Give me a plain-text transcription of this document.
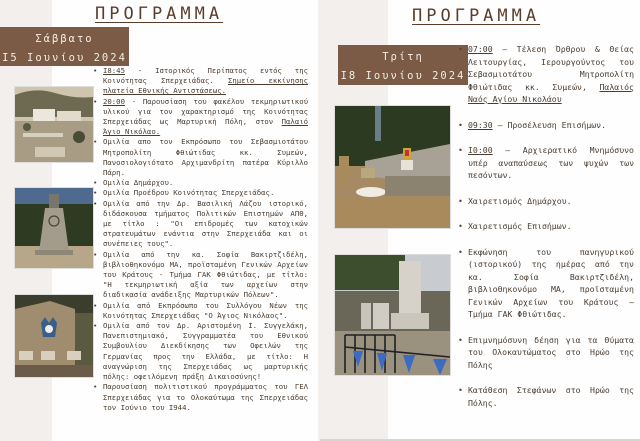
ΠΡΟΓΡΑΜΜΑ
Σάββατο
Ι5 Ιουνίου 2024
• Ι8:45 - Ιστορικός Περίπατος εντός της Κοινότητας Σπερχειάδας. Σημείο εκκίνησης πλατεία Εθνικής Αντιστάσεως.
• 20:00 - Παρουσίαση του φακέλου τεκμηριωτικού υλικού για τον χαρακτηρισμό της Κοινότητας Σπερχειάδας ως Μαρτυρική Πόλη, στον Παλαιό Άγιο Νικόλαο.
• Ομιλία απο τον Εκπρόσωπο του Σεβασμιοτάτου Μητροπολίτη Φθιώτιδας κκ. Συμεών, Πανοσιολογιότατο Αρχιμανδρίτη πατέρα Κύριλλο Πάρη.
• Ομιλία Δημάρχου.
• Ομιλία Προέδρου Κοινότητας Σπερχειάδας.
• Ομιλία από την Δρ. Βασιλική Λάζου ιστορικό, διδάσκουσα τμήματος Πολιτικών Επιστημών ΑΠΘ, με τίτλο : "Οι επιδρομές των κατοχικών στρατευμάτων ενάντια στην Σπερχειάδα και οι συνέπειες τους".
• Ομιλία από την κα. Σοφία Βακιρτζιδέλη, βιβλιοθηκονόμο ΜΑ, προϊσταμένη Γενικών Αρχείων του Κράτους - Τμήμα ΓΑΚ Φθιώτιδας, με τίτλο: "Η τεκμηριωτική αξία των αρχείων στην διαδικασία ανάδειξης Μαρτυρικών Πόλεων".
• Ομιλία από Εκπρόσωπο του Συλλόγου Νέων της Κοινότητας Σπερχειάδας "Ο Άγιος Νικόλαος".
• Ομιλία από τον Δρ. Αριστομένη Ι. Συγγελάκη, Πανεπιστημιακό, Συγγραμματέα του Εθνικού Συμβουλίου Διεκδίκησης των Οφειλών της Γερμανίας προς την Ελλάδα, με τίτλο: Η αναγνώριση της Σπερχειάδας ως μαρτυρικής πόλης: οφειλόμενη πράξη Δικαιοσύνης!
• Παρουσίαση πολιτιστικού προγράμματος του ΓΕΛ Σπερχειάδας για το Ολοκαύτωμα της Σπερχειάδας τον Ιούνιο του Ι944.
ΠΡΟΓΡΑΜΜΑ
Τρίτη
Ι8 Ιουνίου 2024
• 07:00 – Τέλεση Όρθρου & Θείας Λειτουργίας, Ιερουργούντος του Σεβασμιοτάτου Μητροπολίτη Φθιώτιδας κκ. Συμεών, Παλαιός Ναός Αγίου Νικολάου
• 09:30 – Προσέλευση Επισήμων.
• Ι0:00 – Αρχιερατικό Μνημόσυνο υπέρ αναπαύσεως των ψυχών των πεσόντων.
• Χαιρετισμός Δημάρχου.
• Χαιρετισμός Επισήμων.
• Εκφώνηση του πανηγυρικού (ιστορικού) της ημέρας από την κα. Σοφία Βακιρτζιδέλη, βιβλιοθηκονόμο ΜΑ, προϊσταμένη Γενικών Αρχείων του Κράτους – Τμήμα ΓΑΚ Φθιώτιδας.
• Επιμνημόσυνη δέηση για τα Θύματα του Ολοκαυτώματος στο Ηρώο της Πόλης
• Κατάθεση Στεφάνων στο Ηρώο της Πόλης.
